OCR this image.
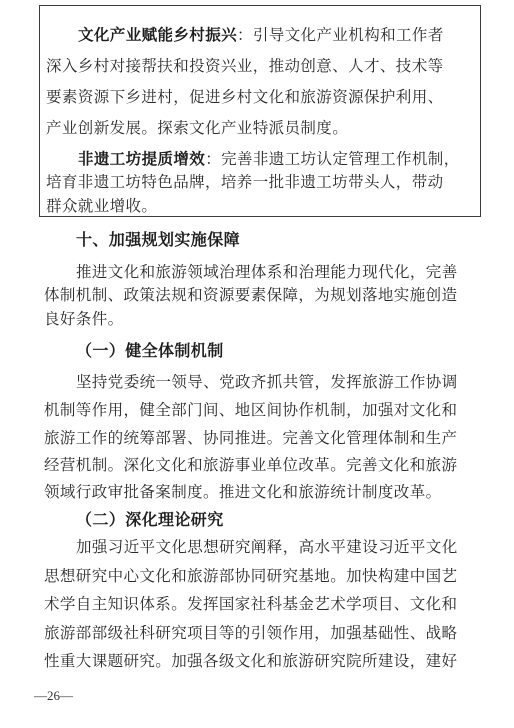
文化产业赋能乡村振兴：引导文化产业机构和工作者
深入乡村对接帮扶和投资兴业，推动创意、人才、技术等
要素资源下乡进村，促进乡村文化和旅游资源保护利用、
产业创新发展。探索文化产业特派员制度。
非遗工坊提质增效：完善非遗工坊认定管理工作机制，
培育非遗工坊特色品牌，培养一批非遗工坊带头人，带动
群众就业增收。
十、加强规划实施保障
推进文化和旅游领域治理体系和治理能力现代化，完善
体制机制、政策法规和资源要素保障，为规划落地实施创造
良好条件。
（一）健全体制机制
坚持党委统一领导、党政齐抓共管，发挥旅游工作协调
机制等作用，健全部门间、地区间协作机制，加强对文化和
旅游工作的统筹部署、协同推进。完善文化管理体制和生产
经营机制。深化文化和旅游事业单位改革。完善文化和旅游
领域行政审批备案制度。推进文化和旅游统计制度改革。
（二）深化理论研究
加强习近平文化思想研究阐释，高水平建设习近平文化
思想研究中心文化和旅游部协同研究基地。加快构建中国艺
术学自主知识体系。发挥国家社科基金艺术学项目、文化和
旅游部部级社科研究项目等的引领作用，加强基础性、战略
性重大课题研究。加强各级文化和旅游研究院所建设，建好
—26—
